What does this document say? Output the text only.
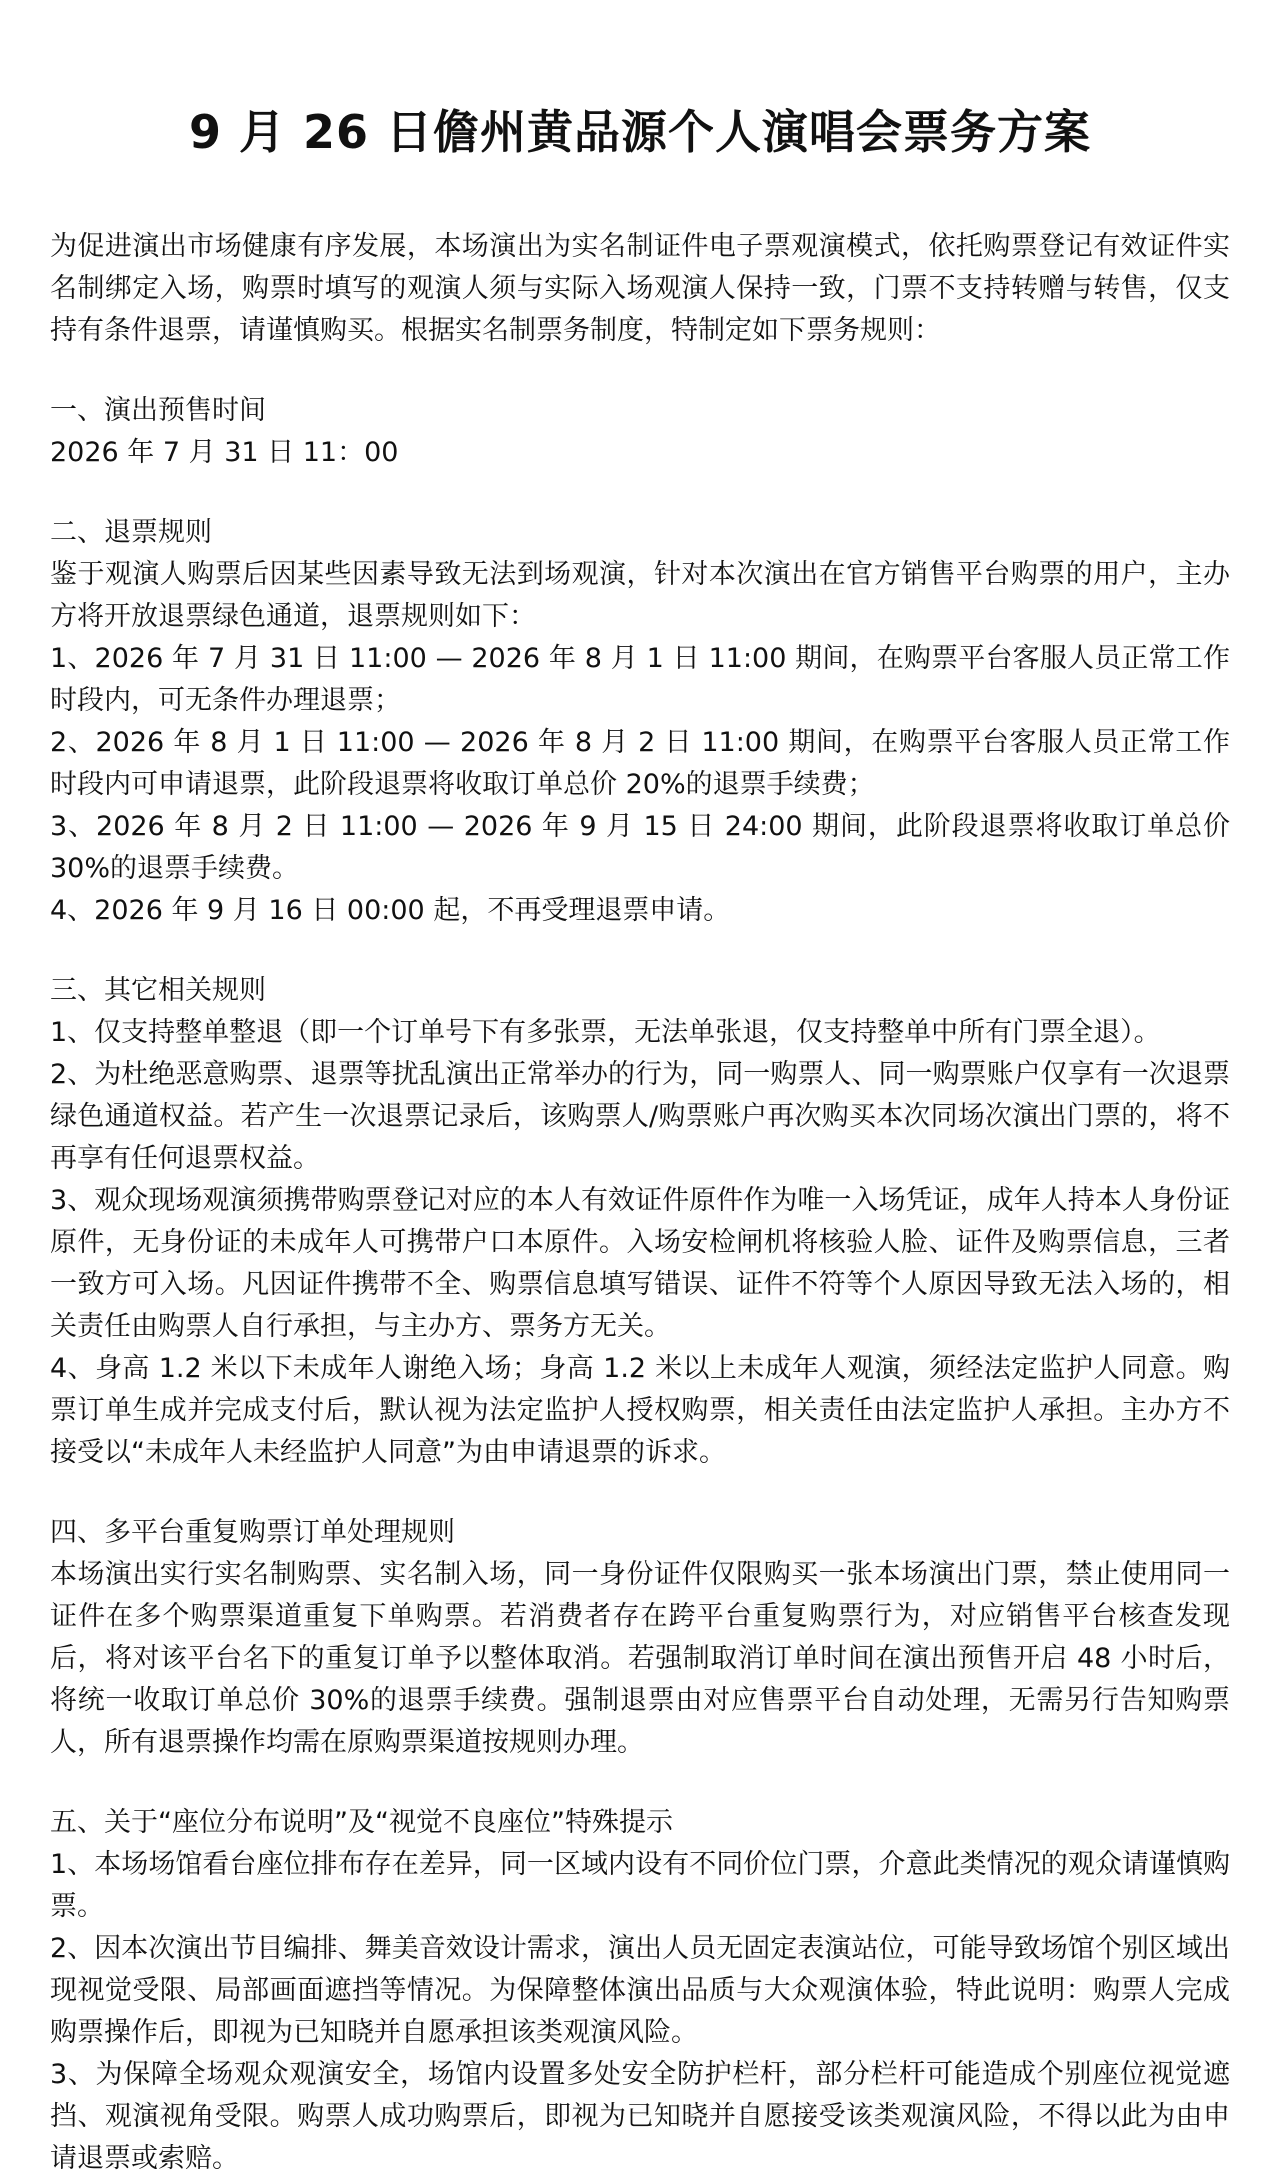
9 月 26 日儋州黄品源个人演唱会票务方案

为促进演出市场健康有序发展，本场演出为实名制证件电子票观演模式，依托购票登记有效证件实名制绑定入场，购票时填写的观演人须与实际入场观演人保持一致，门票不支持转赠与转售，仅支持有条件退票，请谨慎购买。根据实名制票务制度，特制定如下票务规则：

一、演出预售时间

2026 年 7 月 31 日 11：00

二、退票规则

鉴于观演人购票后因某些因素导致无法到场观演，针对本次演出在官方销售平台购票的用户，主办方将开放退票绿色通道，退票规则如下：

1、2026 年 7 月 31 日 11:00 — 2026 年 8 月 1 日 11:00 期间，在购票平台客服人员正常工作时段内，可无条件办理退票；

2、2026 年 8 月 1 日 11:00 — 2026 年 8 月 2 日 11:00 期间，在购票平台客服人员正常工作时段内可申请退票，此阶段退票将收取订单总价 20%的退票手续费；

3、2026 年 8 月 2 日 11:00 — 2026 年 9 月 15 日 24:00 期间，此阶段退票将收取订单总价 30%的退票手续费。

4、2026 年 9 月 16 日 00:00 起，不再受理退票申请。

三、其它相关规则

1、仅支持整单整退（即一个订单号下有多张票，无法单张退，仅支持整单中所有门票全退）。

2、为杜绝恶意购票、退票等扰乱演出正常举办的行为，同一购票人、同一购票账户仅享有一次退票绿色通道权益。若产生一次退票记录后，该购票人/购票账户再次购买本次同场次演出门票的，将不再享有任何退票权益。

3、观众现场观演须携带购票登记对应的本人有效证件原件作为唯一入场凭证，成年人持本人身份证原件，无身份证的未成年人可携带户口本原件。入场安检闸机将核验人脸、证件及购票信息，三者一致方可入场。凡因证件携带不全、购票信息填写错误、证件不符等个人原因导致无法入场的，相关责任由购票人自行承担，与主办方、票务方无关。

4、身高 1.2 米以下未成年人谢绝入场；身高 1.2 米以上未成年人观演，须经法定监护人同意。购票订单生成并完成支付后，默认视为法定监护人授权购票，相关责任由法定监护人承担。主办方不接受以“未成年人未经监护人同意”为由申请退票的诉求。

四、多平台重复购票订单处理规则

本场演出实行实名制购票、实名制入场，同一身份证件仅限购买一张本场演出门票，禁止使用同一证件在多个购票渠道重复下单购票。若消费者存在跨平台重复购票行为，对应销售平台核查发现后，将对该平台名下的重复订单予以整体取消。若强制取消订单时间在演出预售开启 48 小时后，将统一收取订单总价 30%的退票手续费。强制退票由对应售票平台自动处理，无需另行告知购票人，所有退票操作均需在原购票渠道按规则办理。

五、关于“座位分布说明”及“视觉不良座位”特殊提示

1、本场场馆看台座位排布存在差异，同一区域内设有不同价位门票，介意此类情况的观众请谨慎购票。

2、因本次演出节目编排、舞美音效设计需求，演出人员无固定表演站位，可能导致场馆个别区域出现视觉受限、局部画面遮挡等情况。为保障整体演出品质与大众观演体验，特此说明：购票人完成购票操作后，即视为已知晓并自愿承担该类观演风险。

3、为保障全场观众观演安全，场馆内设置多处安全防护栏杆，部分栏杆可能造成个别座位视觉遮挡、观演视角受限。购票人成功购票后，即视为已知晓并自愿接受该类观演风险，不得以此为由申请退票或索赔。
